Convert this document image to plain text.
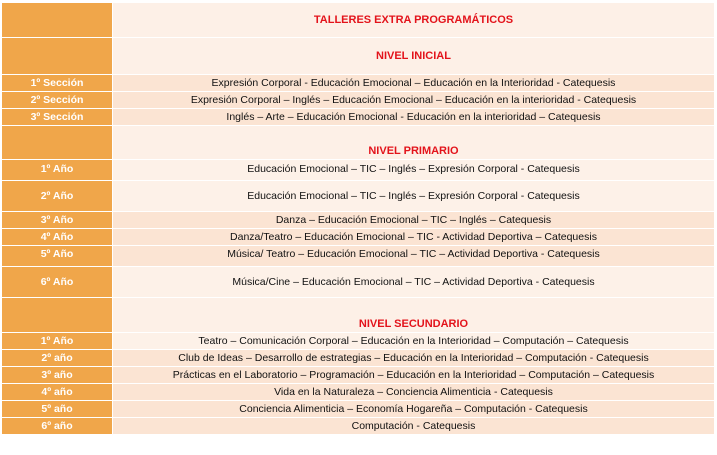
	TALLERES EXTRA PROGRAMÁTICOS
	NIVEL INICIAL
1º Sección	Expresión Corporal - Educación Emocional – Educación en la Interioridad - Catequesis
2º Sección	Expresión Corporal – Inglés – Educación Emocional – Educación en la interioridad - Catequesis
3º Sección	Inglés – Arte – Educación Emocional - Educación en la interioridad – Catequesis
	NIVEL PRIMARIO
1º Año	Educación Emocional – TIC – Inglés – Expresión Corporal - Catequesis
2º Año	Educación Emocional – TIC – Inglés – Expresión Corporal - Catequesis
3º Año	Danza – Educación Emocional – TIC – Inglés – Catequesis
4º Año	Danza/Teatro – Educación Emocional – TIC - Actividad Deportiva – Catequesis
5º Año	Música/ Teatro – Educación Emocional – TIC – Actividad Deportiva - Catequesis
6º Año	Música/Cine – Educación Emocional – TIC – Actividad Deportiva - Catequesis
	NIVEL SECUNDARIO
1º Año	Teatro – Comunicación Corporal – Educación en la Interioridad – Computación – Catequesis
2º año	Club de Ideas – Desarrollo de estrategias – Educación en la Interioridad – Computación - Catequesis
3º año	Prácticas en el Laboratorio – Programación – Educación en la Interioridad – Computación – Catequesis
4º año	Vida en la Naturaleza – Conciencia Alimenticia - Catequesis
5º año	Conciencia Alimenticia – Economía Hogareña – Computación - Catequesis
6º año	Computación - Catequesis
